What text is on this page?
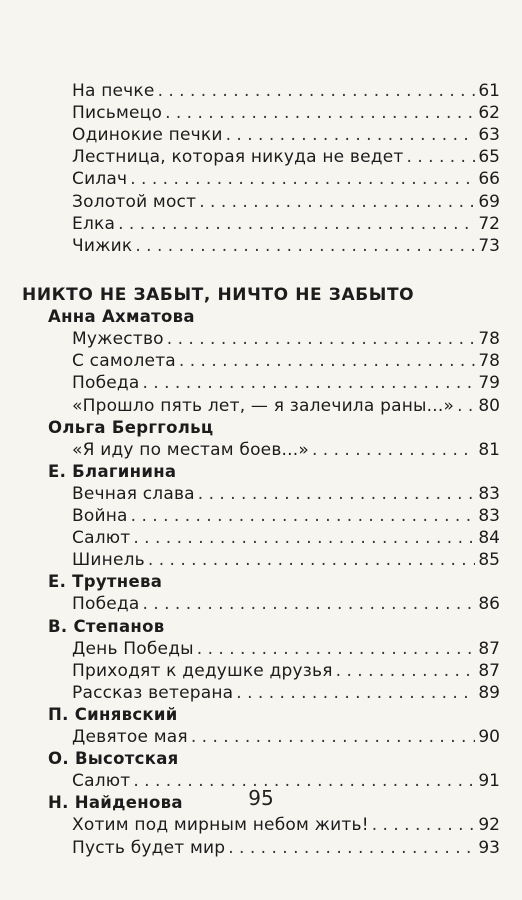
95
На печке . . .	61
Письмецо . . .	62
Одинокие печки . . .	63
Лестница, которая никуда не ведет . . .	65
Силач . . .	66
Золотой мост . . .	69
Елка . . .	72
Чижик . . .	73
НИКТО НЕ ЗАБЫТ, НИЧТО НЕ ЗАБЫТО
Анна Ахматова
Мужество . . .	78
С самолета . . .	78
Победа . . .	79
«Прошло пять лет, — я залечила раны...» . . . 80
Ольга Берггольц
«Я иду по местам боев...» . . .	81
Е. Благинина
Вечная слава . . .	83
Война . . .	83
Салют . . .	84
Шинель . . .	85
Е. Трутнева
Победа . . .	86
В. Степанов
День Победы . . .	87
Приходят к дедушке друзья . . .	87
Рассказ ветерана . . .	89
П. Синявский
Девятое мая . . .	90
О. Высотская
Салют . . .	91
Н. Найденова
Хотим под мирным небом жить! . . .	92
Пусть будет мир . . .	93
